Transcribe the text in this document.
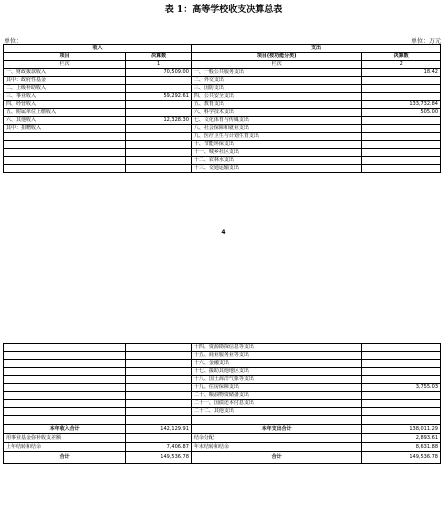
表 1：高等学校收支决算总表
单位：	单位：万元
收入		支出	
项目	决算数	项目(按功能分类)	决算数
栏次	1	栏次	2
一、财政拨款收入	70,509.00	一、一般公共服务支出	18.42
其中：政府性基金		二、外交支出	
二、上级补助收入		三、国防支出	
三、事业收入	59,292.61	四、公共安全支出	
四、经营收入		五、教育支出	133,732.84
五、附属单位上缴收入		六、科学技术支出	505.00
六、其他收入	12,328.30	七、文化体育与传媒支出	
其中：捐赠收入		八、社会保障和就业支出	
		九、医疗卫生与计划生育支出	
		十、节能环保支出	
		十一、城乡社区支出	
		十二、农林水支出	
		十三、交通运输支出	
4
		十四、资源勘探信息等支出	
		十五、商业服务业等支出	
		十六、金融支出	
		十七、援助其他地区支出	
		十八、国土海洋气象等支出	
		十九、住房保障支出	3,755.03
		二十、粮油物资储备支出	
		二十一、国债还本付息支出	
		二十二、其他支出	

本年收入合计	142,129.91	本年支出合计	138,011.29
用事业基金弥补收支差额		结余分配	2,893.61
上年结转和结余	7,406.87	年末结转和结余	8,631.88
合计	149,536.78	合计	149,536.78
